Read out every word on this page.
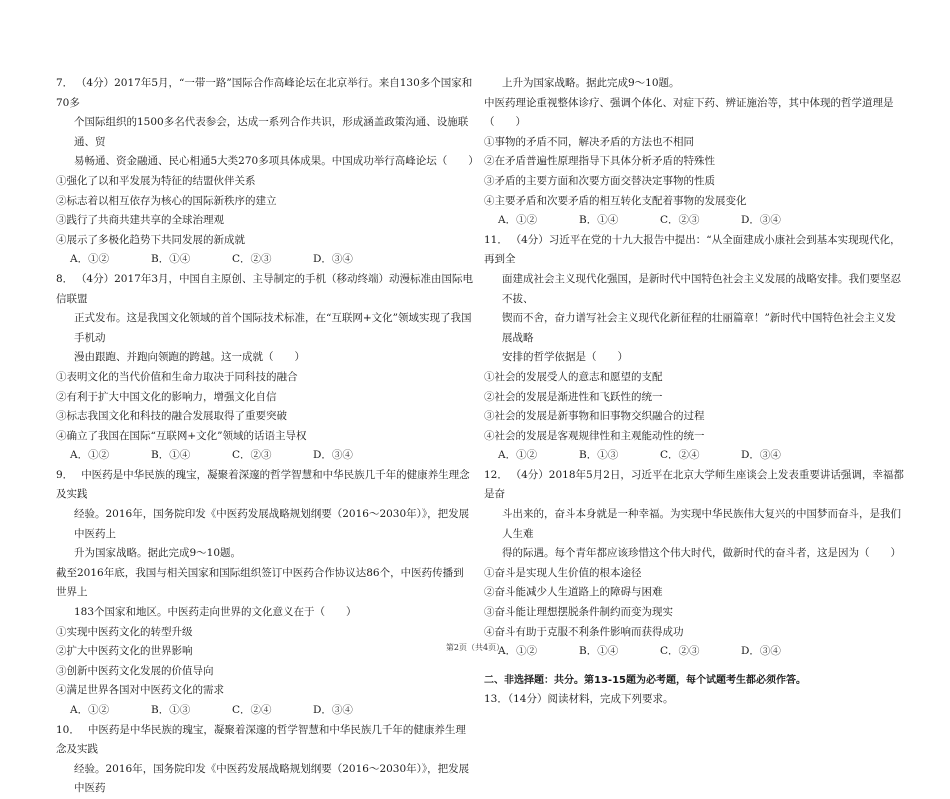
7． （4分）2017年5月，“一带一路”国际合作高峰论坛在北京举行。来自130多个国家和70多
个国际组织的1500多名代表参会，达成一系列合作共识，形成涵盖政策沟通、设施联通、贸
易畅通、资金融通、民心相通5大类270多项具体成果。中国成功举行高峰论坛（　　）
①强化了以和平发展为特征的结盟伙伴关系
②标志着以相互依存为核心的国际新秩序的建立
③践行了共商共建共享的全球治理观
④展示了多极化趋势下共同发展的新成就
A．①②	B．①④	C．②③	D．③④
8． （4分）2017年3月，中国自主原创、主导制定的手机（移动终端）动漫标准由国际电信联盟
正式发布。这是我国文化领域的首个国际技术标准，在“互联网+文化”领域实现了我国手机动
漫由跟跑、并跑向领跑的跨越。这一成就（　　）
①表明文化的当代价值和生命力取决于同科技的融合
②有利于扩大中国文化的影响力，增强文化自信
③标志我国文化和科技的融合发展取得了重要突破
④确立了我国在国际“互联网+文化”领域的话语主导权
A．①②	B．①④	C．②③	D．③④
9． 中医药是中华民族的瑰宝，凝聚着深邃的哲学智慧和中华民族几千年的健康养生理念及实践
经验。2016年，国务院印发《中医药发展战略规划纲要（2016～2030年）》，把发展中医药上
升为国家战略。据此完成9～10题。
截至2016年底，我国与相关国家和国际组织签订中医药合作协议达86个，中医药传播到世界上
183个国家和地区。中医药走向世界的文化意义在于（　　）
①实现中医药文化的转型升级
②扩大中医药文化的世界影响
③创新中医药文化发展的价值导向
④满足世界各国对中医药文化的需求
A．①②	B．①③	C．②④	D．③④
10． 中医药是中华民族的瑰宝，凝聚着深邃的哲学智慧和中华民族几千年的健康养生理念及实践
经验。2016年，国务院印发《中医药发展战略规划纲要（2016～2030年）》，把发展中医药
上升为国家战略。据此完成9～10题。
中医药理论重视整体诊疗、强调个体化、对症下药、辨证施治等，其中体现的哲学道理是
（　　）
①事物的矛盾不同，解决矛盾的方法也不相同
②在矛盾普遍性原理指导下具体分析矛盾的特殊性
③矛盾的主要方面和次要方面交替决定事物的性质
④主要矛盾和次要矛盾的相互转化支配着事物的发展变化
A．①②	B．①④	C．②③	D．③④
11． （4分）习近平在党的十九大报告中提出：“从全面建成小康社会到基本实现现代化，再到全
面建成社会主义现代化强国，是新时代中国特色社会主义发展的战略安排。我们要坚忍不拔、
锲而不舍，奋力谱写社会主义现代化新征程的壮丽篇章！”新时代中国特色社会主义发展战略
安排的哲学依据是（　　）
①社会的发展受人的意志和愿望的支配
②社会的发展是渐进性和飞跃性的统一
③社会的发展是新事物和旧事物交织融合的过程
④社会的发展是客观规律性和主观能动性的统一
A．①②	B．①③	C．②④	D．③④
12． （4分）2018年5月2日，习近平在北京大学师生座谈会上发表重要讲话强调，幸福都是奋
斗出来的，奋斗本身就是一种幸福。为实现中华民族伟大复兴的中国梦而奋斗，是我们人生难
得的际遇。每个青年都应该珍惜这个伟大时代，做新时代的奋斗者，这是因为（　　）
①奋斗是实现人生价值的根本途径
②奋斗能减少人生道路上的障碍与困难
③奋斗能让理想摆脱条件制约而变为现实
④奋斗有助于克服不利条件影响而获得成功
A．①②	B．①④	C．②③	D．③④
二、非选择题：共分。第13-15题为必考题，每个试题考生都必须作答。
13．（14分）阅读材料，完成下列要求。
第2页（共4页）
